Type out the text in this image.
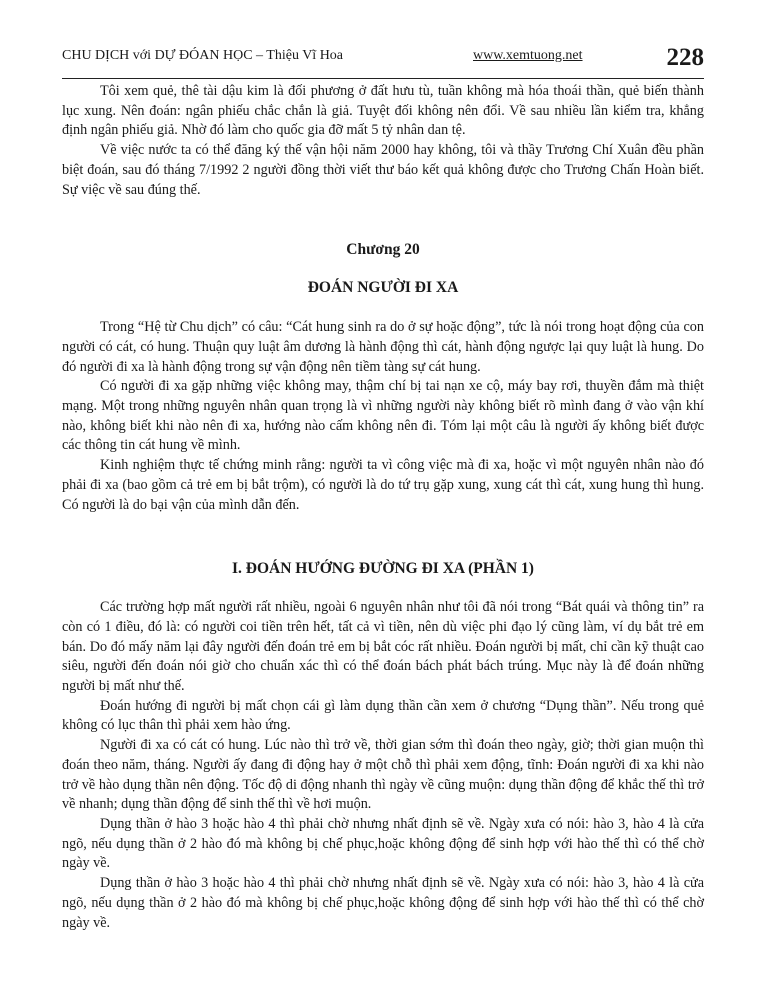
CHU DỊCH với DỰ ĐÓAN HỌC – Thiệu Vĩ Hoa	www.xemtuong.net	228

Tôi xem quẻ, thê tài dậu kim là đối phương ở đất hưu tù, tuần không mà hóa thoái thần, quẻ biến thành lục xung. Nên đoán: ngân phiếu chắc chắn là giả. Tuyệt đối không nên đổi. Về sau nhiều lần kiểm tra, khẳng định ngân phiếu giả. Nhờ đó làm cho quốc gia đỡ mất 5 tỷ nhân dan tệ.

Về việc nước ta có thể đăng ký thế vận hội năm 2000 hay không, tôi và thầy Trương Chí Xuân đều phần biệt đoán, sau đó tháng 7/1992 2 người đồng thời viết thư báo kết quả không được cho Trương Chấn Hoàn biết. Sự việc về sau đúng thế.

Chương 20
ĐOÁN NGƯỜI ĐI XA

Trong “Hệ từ Chu dịch” có câu: “Cát hung sinh ra do ở sự hoặc động”, tức là nói trong hoạt động của con người có cát, có hung. Thuận quy luật âm dương là hành động thì cát, hành động ngược lại quy luật là hung. Do đó người đi xa là hành động trong sự vận động nên tiềm tàng sự cát hung.

Có người đi xa gặp những việc không may, thậm chí bị tai nạn xe cộ, máy bay rơi, thuyền đắm mà thiệt mạng. Một trong những nguyên nhân quan trọng là vì những người này không biết rõ mình đang ở vào vận khí nào, không biết khi nào nên đi xa, hướng nào cấm không nên đi. Tóm lại một câu là người ấy không biết được các thông tin cát hung về mình.

Kinh nghiệm thực tế chứng minh rằng: người ta vì công việc mà đi xa, hoặc vì một nguyên nhân nào đó phải đi xa (bao gồm cả trẻ em bị bắt trộm), có người là do tứ trụ gặp xung, xung cát thì cát, xung hung thì hung. Có người là do bại vận của mình dẫn đến.

I. ĐOÁN HƯỚNG ĐƯỜNG ĐI XA (PHẦN 1)

Các trường hợp mất người rất nhiều, ngoài 6 nguyên nhân như tôi đã nói trong “Bát quái và thông tin” ra còn có 1 điều, đó là: có người coi tiền trên hết, tất cả vì tiền, nên dù việc phi đạo lý cũng làm, ví dụ bắt trẻ em bán. Do đó mấy năm lại đây người đến đoán trẻ em bị bắt cóc rất nhiều. Đoán người bị mất, chỉ cần kỹ thuật cao siêu, người đến đoán nói giờ cho chuẩn xác thì có thể đoán bách phát bách trúng. Mục này là để đoán những người bị mất như thế.

Đoán hướng đi người bị mất chọn cái gì làm dụng thần cần xem ở chương “Dụng thần”. Nếu trong quẻ không có lục thân thì phải xem hào ứng.

Người đi xa có cát có hung. Lúc nào thì trở về, thời gian sớm thì đoán theo ngày, giờ; thời gian muộn thì đoán theo năm, tháng. Người ấy đang đi động hay ở một chỗ thì phải xem động, tĩnh: Đoán người đi xa khi nào trở về hào dụng thần nên động. Tốc độ di động nhanh thì ngày về cũng muộn: dụng thần động để khắc thế thì trở về nhanh; dụng thần động để sinh thế thì về hơi muộn.

Dụng thần ở hào 3 hoặc hào 4 thì phải chờ nhưng nhất định sẽ về. Ngày xưa có nói: hào 3, hào 4 là cửa ngõ, nếu dụng thần ở 2 hào đó mà không bị chế phục,hoặc không động để sinh hợp với hào thế thì có thể chờ ngày về.

Dụng thần ở hào 3 hoặc hào 4 thì phải chờ nhưng nhất định sẽ về. Ngày xưa có nói: hào 3, hào 4 là cửa ngõ, nếu dụng thần ở 2 hào đó mà không bị chế phục,hoặc không động để sinh hợp với hào thế thì có thể chờ ngày về.
